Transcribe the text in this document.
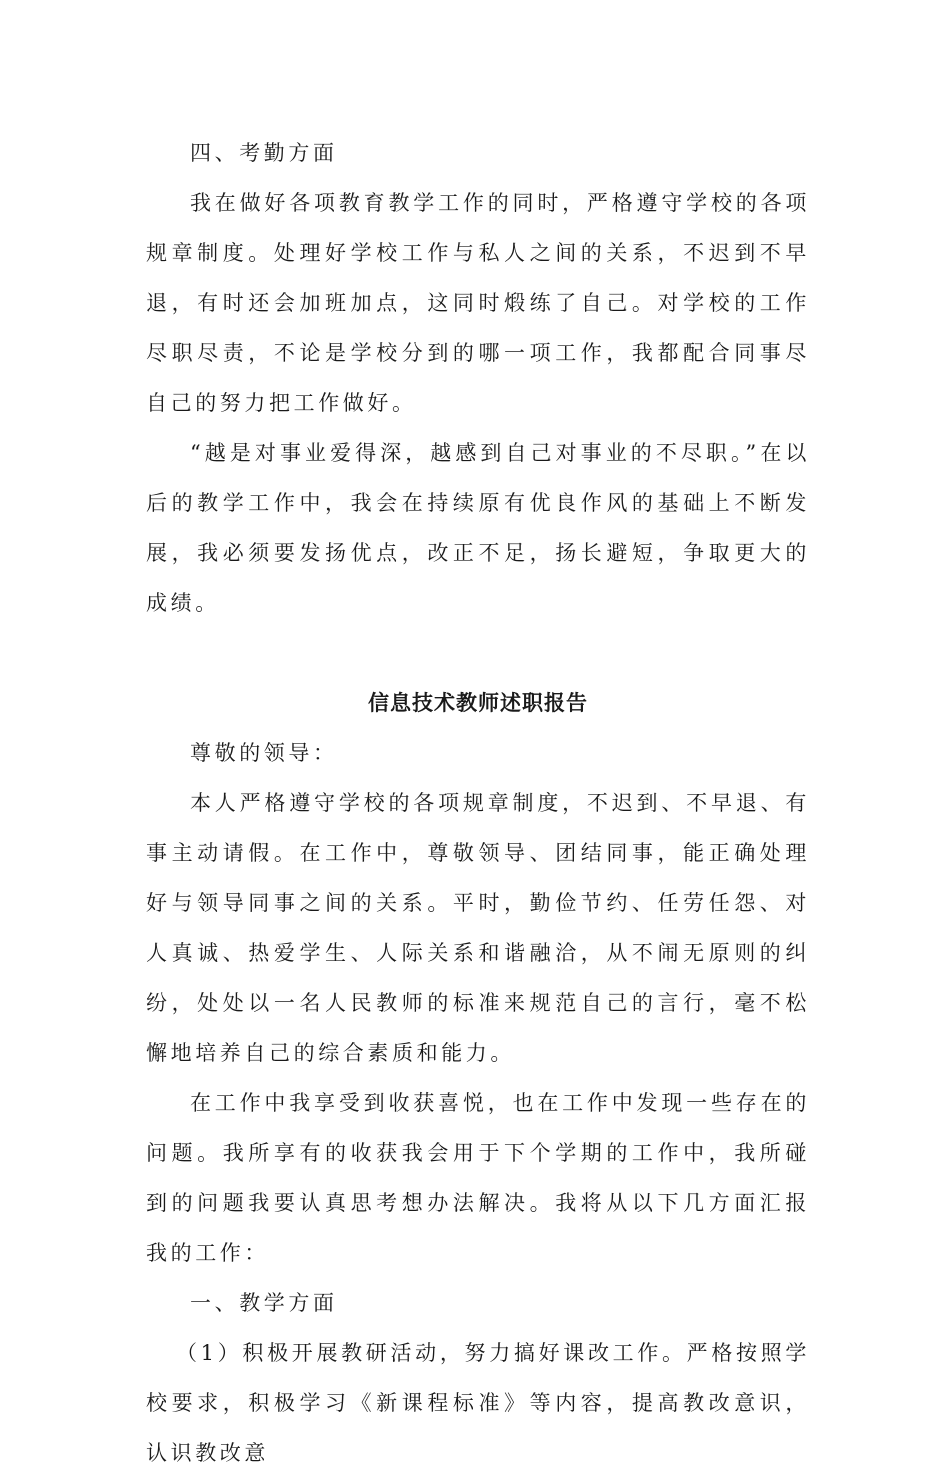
四、考勤方面

我在做好各项教育教学工作的同时，严格遵守学校的各项规章制度。处理好学校工作与私人之间的关系，不迟到不早退，有时还会加班加点，这同时煅练了自己。对学校的工作尽职尽责，不论是学校分到的哪一项工作，我都配合同事尽自己的努力把工作做好。

“越是对事业爱得深，越感到自己对事业的不尽职。”在以后的教学工作中，我会在持续原有优良作风的基础上不断发展，我必须要发扬优点，改正不足，扬长避短，争取更大的成绩。

信息技术教师述职报告

尊敬的领导：

本人严格遵守学校的各项规章制度，不迟到、不早退、有事主动请假。在工作中，尊敬领导、团结同事，能正确处理好与领导同事之间的关系。平时，勤俭节约、任劳任怨、对人真诚、热爱学生、人际关系和谐融洽，从不闹无原则的纠纷，处处以一名人民教师的标准来规范自己的言行，毫不松懈地培养自己的综合素质和能力。

在工作中我享受到收获喜悦，也在工作中发现一些存在的问题。我所享有的收获我会用于下个学期的工作中，我所碰到的问题我要认真思考想办法解决。我将从以下几方面汇报我的工作：

一、教学方面

（1）积极开展教研活动，努力搞好课改工作。严格按照学校要求，积极学习《新课程标准》等内容，提高教改意识，认识教改意
